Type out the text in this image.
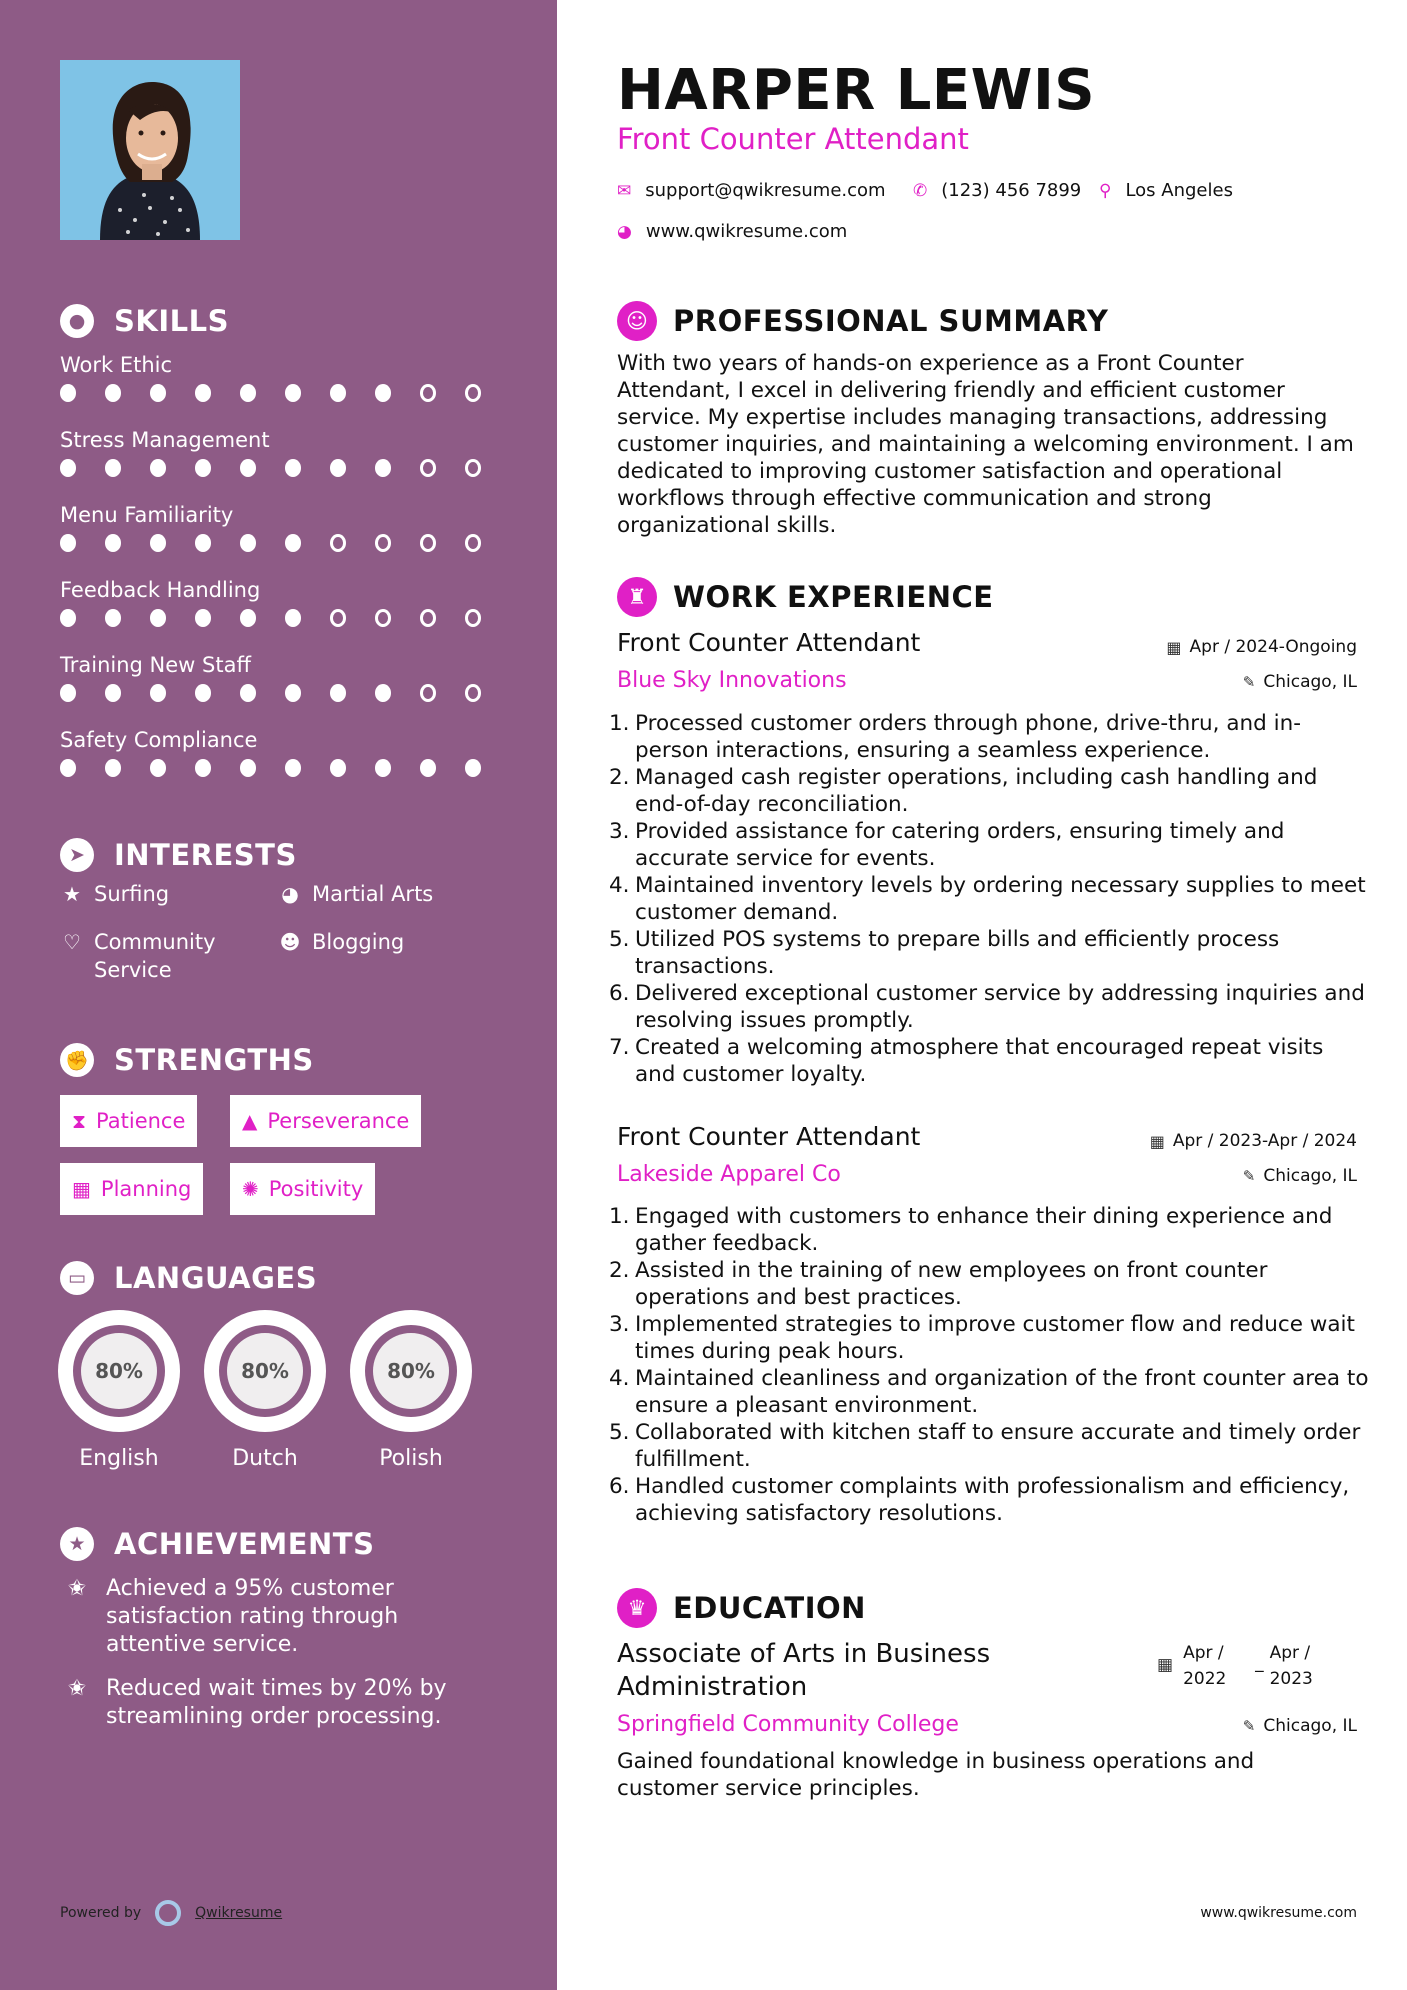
● SKILLS
Work Ethic
Stress Management
Menu Familiarity
Feedback Handling
Training New Staff
Safety Compliance
➤	INTERESTS
★ Surfing	◕ Martial Arts
♡ Community Service
☻ Blogging
✊ STRENGTHS
⧗ Patience	▲ Perseverance
▦ Planning	✺ Positivity
▭ LANGUAGES
80%
English
80%
Dutch
80%
Polish
★ ACHIEVEMENTS
✬ Achieved a 95% customer satisfaction rating through attentive service.
✬ Reduced wait times by 20% by streamlining order processing.
Powered by	Qwikresume
HARPER LEWIS
Front Counter Attendant
✉ support@qwikresume.com ✆ (123) 456 7899 ⚲ Los Angeles
◕ www.qwikresume.com
☺ PROFESSIONAL SUMMARY
With two years of hands-on experience as a Front Counter Attendant, I excel in delivering friendly and efficient customer service. My expertise includes managing transactions, addressing customer inquiries, and maintaining a welcoming environment. I am dedicated to improving customer satisfaction and operational workflows through effective communication and strong organizational skills.
♜ WORK EXPERIENCE
Front Counter Attendant	▦ Apr / 2024-Ongoing
Blue Sky Innovations	✎ Chicago, IL
1. Processed customer orders through phone, drive-thru, and in-person interactions, ensuring a seamless experience.
2. Managed cash register operations, including cash handling and end-of-day reconciliation.
3. Provided assistance for catering orders, ensuring timely and accurate service for events.
4. Maintained inventory levels by ordering necessary supplies to meet customer demand.
5. Utilized POS systems to prepare bills and efficiently process transactions.
6. Delivered exceptional customer service by addressing inquiries and resolving issues promptly.
7. Created a welcoming atmosphere that encouraged repeat visits and customer loyalty.
Front Counter Attendant	▦ Apr / 2023-Apr / 2024
Lakeside Apparel Co	✎ Chicago, IL
1. Engaged with customers to enhance their dining experience and gather feedback.
2. Assisted in the training of new employees on front counter operations and best practices.
3. Implemented strategies to improve customer flow and reduce wait times during peak hours.
4. Maintained cleanliness and organization of the front counter area to ensure a pleasant environment.
5. Collaborated with kitchen staff to ensure accurate and timely order fulfillment.
6. Handled customer complaints with professionalism and efficiency, achieving satisfactory resolutions.
♛ EDUCATION
Associate of Arts in Business Administration
▦
Apr / 2022
_ Apr / 2023
Springfield Community College	✎ Chicago, IL
Gained foundational knowledge in business operations and customer service principles.
www.qwikresume.com
